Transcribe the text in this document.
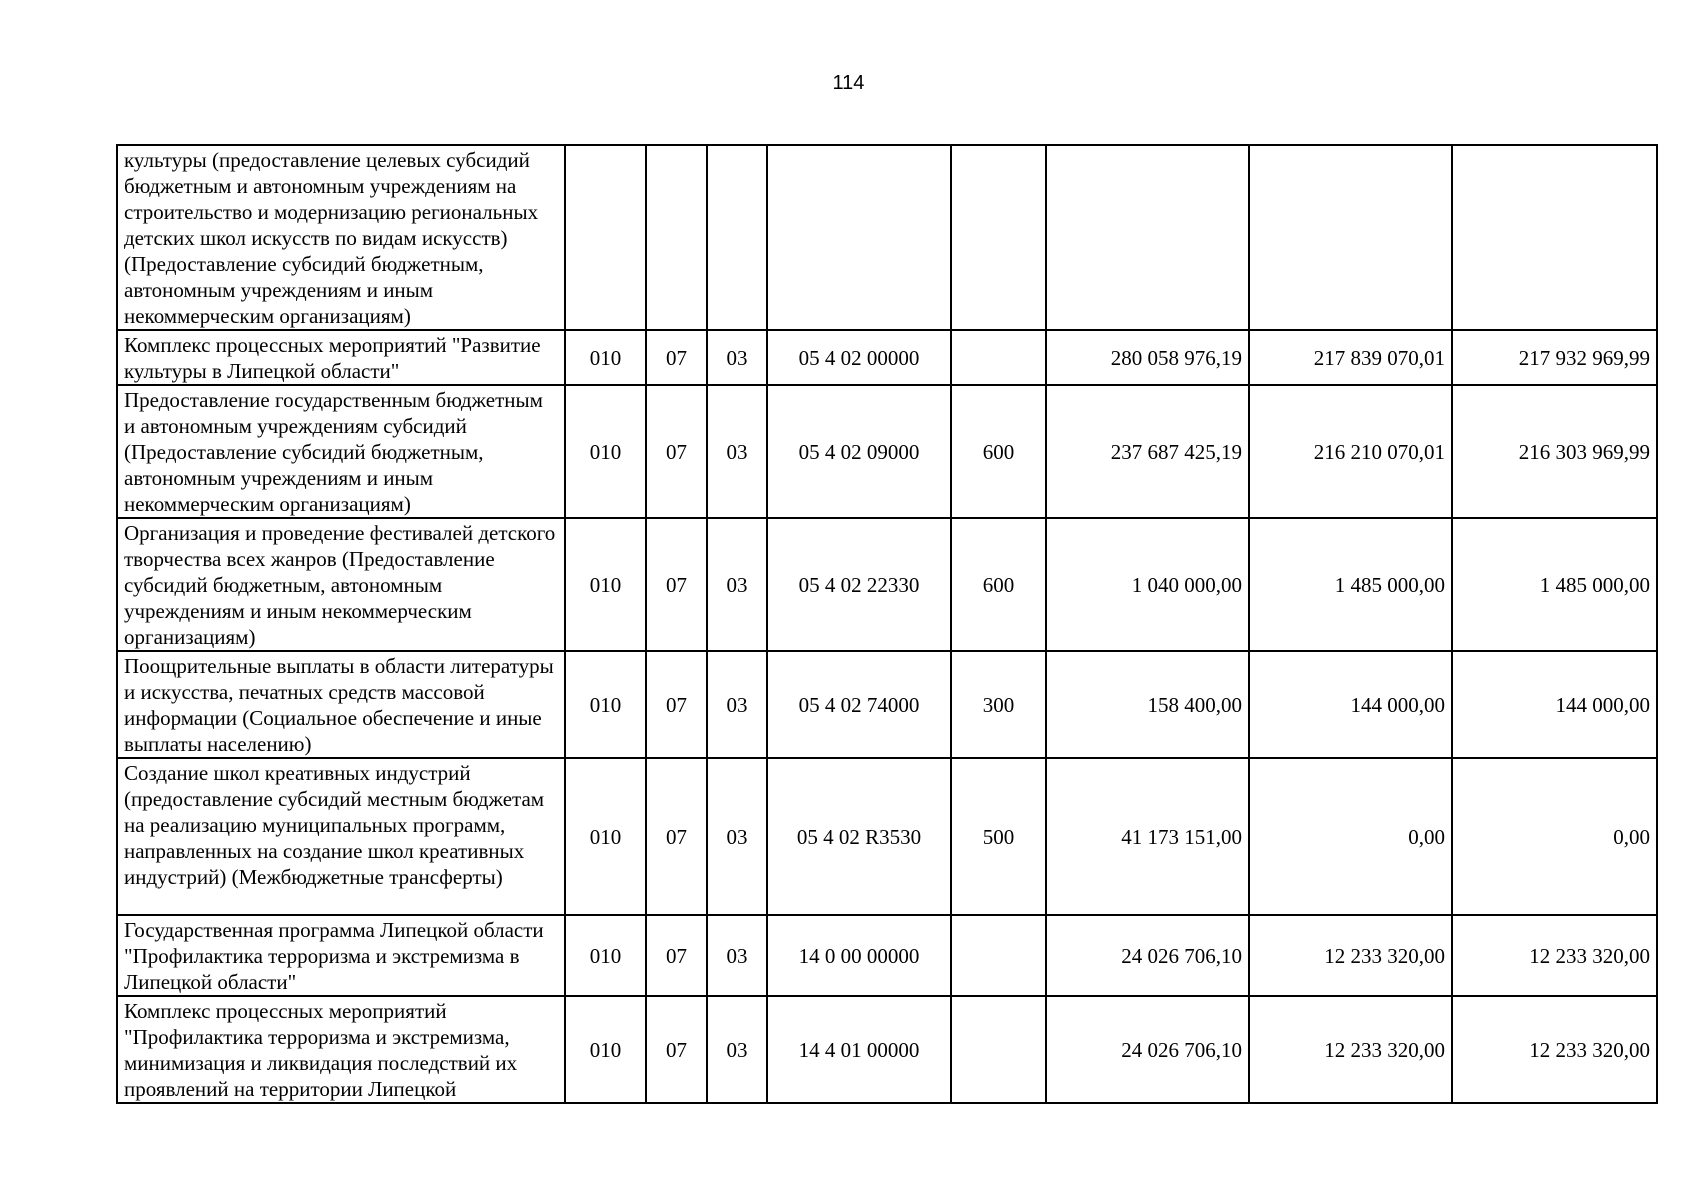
114
культуры (предоставление целевых субсидий бюджетным и автономным учреждениям на строительство и модернизацию региональных детских школ искусств по видам искусств) (Предоставление субсидий бюджетным, автономным учреждениям и иным некоммерческим организациям)								
Комплекс процессных мероприятий "Развитие культуры в Липецкой области"	010	07	03	05 4 02 00000		280 058 976,19	217 839 070,01	217 932 969,99
Предоставление государственным бюджетным и автономным учреждениям субсидий (Предоставление субсидий бюджетным, автономным учреждениям и иным некоммерческим организациям)	010	07	03	05 4 02 09000	600	237 687 425,19	216 210 070,01	216 303 969,99
Организация и проведение фестивалей детского творчества всех жанров (Предоставление субсидий бюджетным, автономным учреждениям и иным некоммерческим организациям)	010	07	03	05 4 02 22330	600	1 040 000,00	1 485 000,00	1 485 000,00
Поощрительные выплаты в области литературы и искусства, печатных средств массовой информации (Социальное обеспечение и иные выплаты населению)	010	07	03	05 4 02 74000	300	158 400,00	144 000,00	144 000,00
Создание школ креативных индустрий (предоставление субсидий местным бюджетам на реализацию муниципальных программ, направленных на создание школ креативных индустрий) (Межбюджетные трансферты)	010	07	03	05 4 02 R3530	500	41 173 151,00	0,00	0,00
Государственная программа Липецкой области "Профилактика терроризма и экстремизма в Липецкой области"	010	07	03	14 0 00 00000		24 026 706,10	12 233 320,00	12 233 320,00
Комплекс процессных мероприятий "Профилактика терроризма и экстремизма, минимизация и ликвидация последствий их проявлений на территории Липецкой	010	07	03	14 4 01 00000		24 026 706,10	12 233 320,00	12 233 320,00
